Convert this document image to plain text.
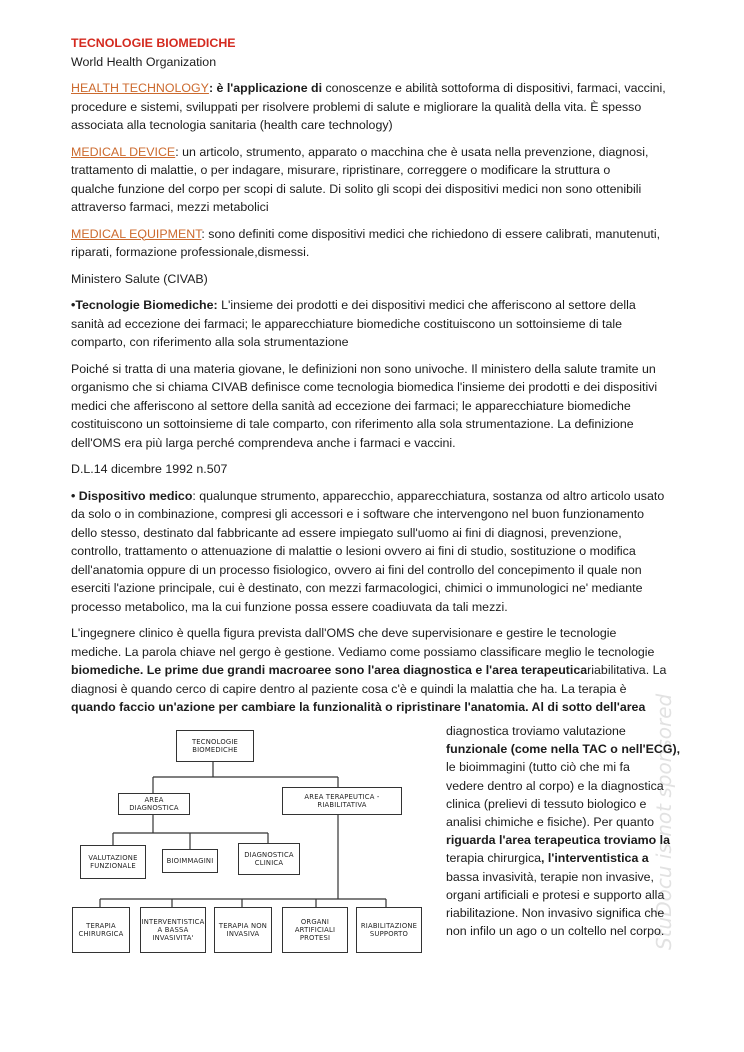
StuDocu is not sponsored
TECNOLOGIE BIOMEDICHE
World Health Organization
HEALTH TECHNOLOGY: è l'applicazione di conoscenze e abilità sottoforma di dispositivi, farmaci, vaccini,
procedure e sistemi, sviluppati per risolvere problemi di salute e migliorare la qualità della vita. È spesso
associata alla tecnologia sanitaria (health care technology)
MEDICAL DEVICE: un articolo, strumento, apparato o macchina che è usata nella prevenzione, diagnosi,
trattamento di malattie, o per indagare, misurare, ripristinare, correggere o modificare la struttura o
qualche funzione del corpo per scopi di salute. Di solito gli scopi dei dispositivi medici non sono ottenibili
attraverso farmaci, mezzi metabolici
MEDICAL EQUIPMENT: sono definiti come dispositivi medici che richiedono di essere calibrati, manutenuti,
riparati, formazione professionale,dismessi.
Ministero Salute (CIVAB)
•Tecnologie Biomediche: L'insieme dei prodotti e dei dispositivi medici che afferiscono al settore della
sanità ad eccezione dei farmaci; le apparecchiature biomediche costituiscono un sottoinsieme di tale
comparto, con riferimento alla sola strumentazione
Poiché si tratta di una materia giovane, le definizioni non sono univoche. Il ministero della salute tramite un
organismo che si chiama CIVAB definisce come tecnologia biomedica l'insieme dei prodotti e dei dispositivi
medici che afferiscono al settore della sanità ad eccezione dei farmaci; le apparecchiature biomediche
costituiscono un sottoinsieme di tale comparto, con riferimento alla sola strumentazione. La definizione
dell'OMS era più larga perché comprendeva anche i farmaci e vaccini.
D.L.14 dicembre 1992 n.507
• Dispositivo medico: qualunque strumento, apparecchio, apparecchiatura, sostanza od altro articolo usato
da solo o in combinazione, compresi gli accessori e i software che intervengono nel buon funzionamento
dello stesso, destinato dal fabbricante ad essere impiegato sull'uomo ai fini di diagnosi, prevenzione,
controllo, trattamento o attenuazione di malattie o lesioni ovvero ai fini di studio, sostituzione o modifica
dell'anatomia oppure di un processo fisiologico, ovvero ai fini del controllo del concepimento il quale non
eserciti l'azione principale, cui è destinato, con mezzi farmacologici, chimici o immunologici ne' mediante
processo metabolico, ma la cui funzione possa essere coadiuvata da tali mezzi.
L'ingegnere clinico è quella figura prevista dall'OMS che deve supervisionare e gestire le tecnologie
mediche. La parola chiave nel gergo è gestione. Vediamo come possiamo classificare meglio le tecnologie
biomediche. Le prime due grandi macroaree sono l'area diagnostica e l'area terapeuticariabilitativa. La
diagnosi è quando cerco di capire dentro al paziente cosa c'è e quindi la malattia che ha. La terapia è
quando faccio un'azione per cambiare la funzionalità o ripristinare l'anatomia. Al di sotto dell'area
TECNOLOGIE BIOMEDICHE
AREA DIAGNOSTICA
AREA TERAPEUTICA - RIABILITATIVA
VALUTAZIONE FUNZIONALE
BIOIMMAGINI
DIAGNOSTICA CLINICA
TERAPIA CHIRURGICA
INTERVENTISTICA A BASSA INVASIVITA'
TERAPIA NON INVASIVA
ORGANI ARTIFICIALI PROTESI
RIABILITAZIONE SUPPORTO
diagnostica troviamo valutazione
funzionale (come nella TAC o nell'ECG),
le bioimmagini (tutto ciò che mi fa
vedere dentro al corpo) e la diagnostica
clinica (prelievi di tessuto biologico e
analisi chimiche e fisiche). Per quanto
riguarda l'area terapeutica troviamo la
terapia chirurgica, l'interventistica a
bassa invasività, terapie non invasive,
organi artificiali e protesi e supporto alla
riabilitazione. Non invasivo significa che
non infilo un ago o un coltello nel corpo.
